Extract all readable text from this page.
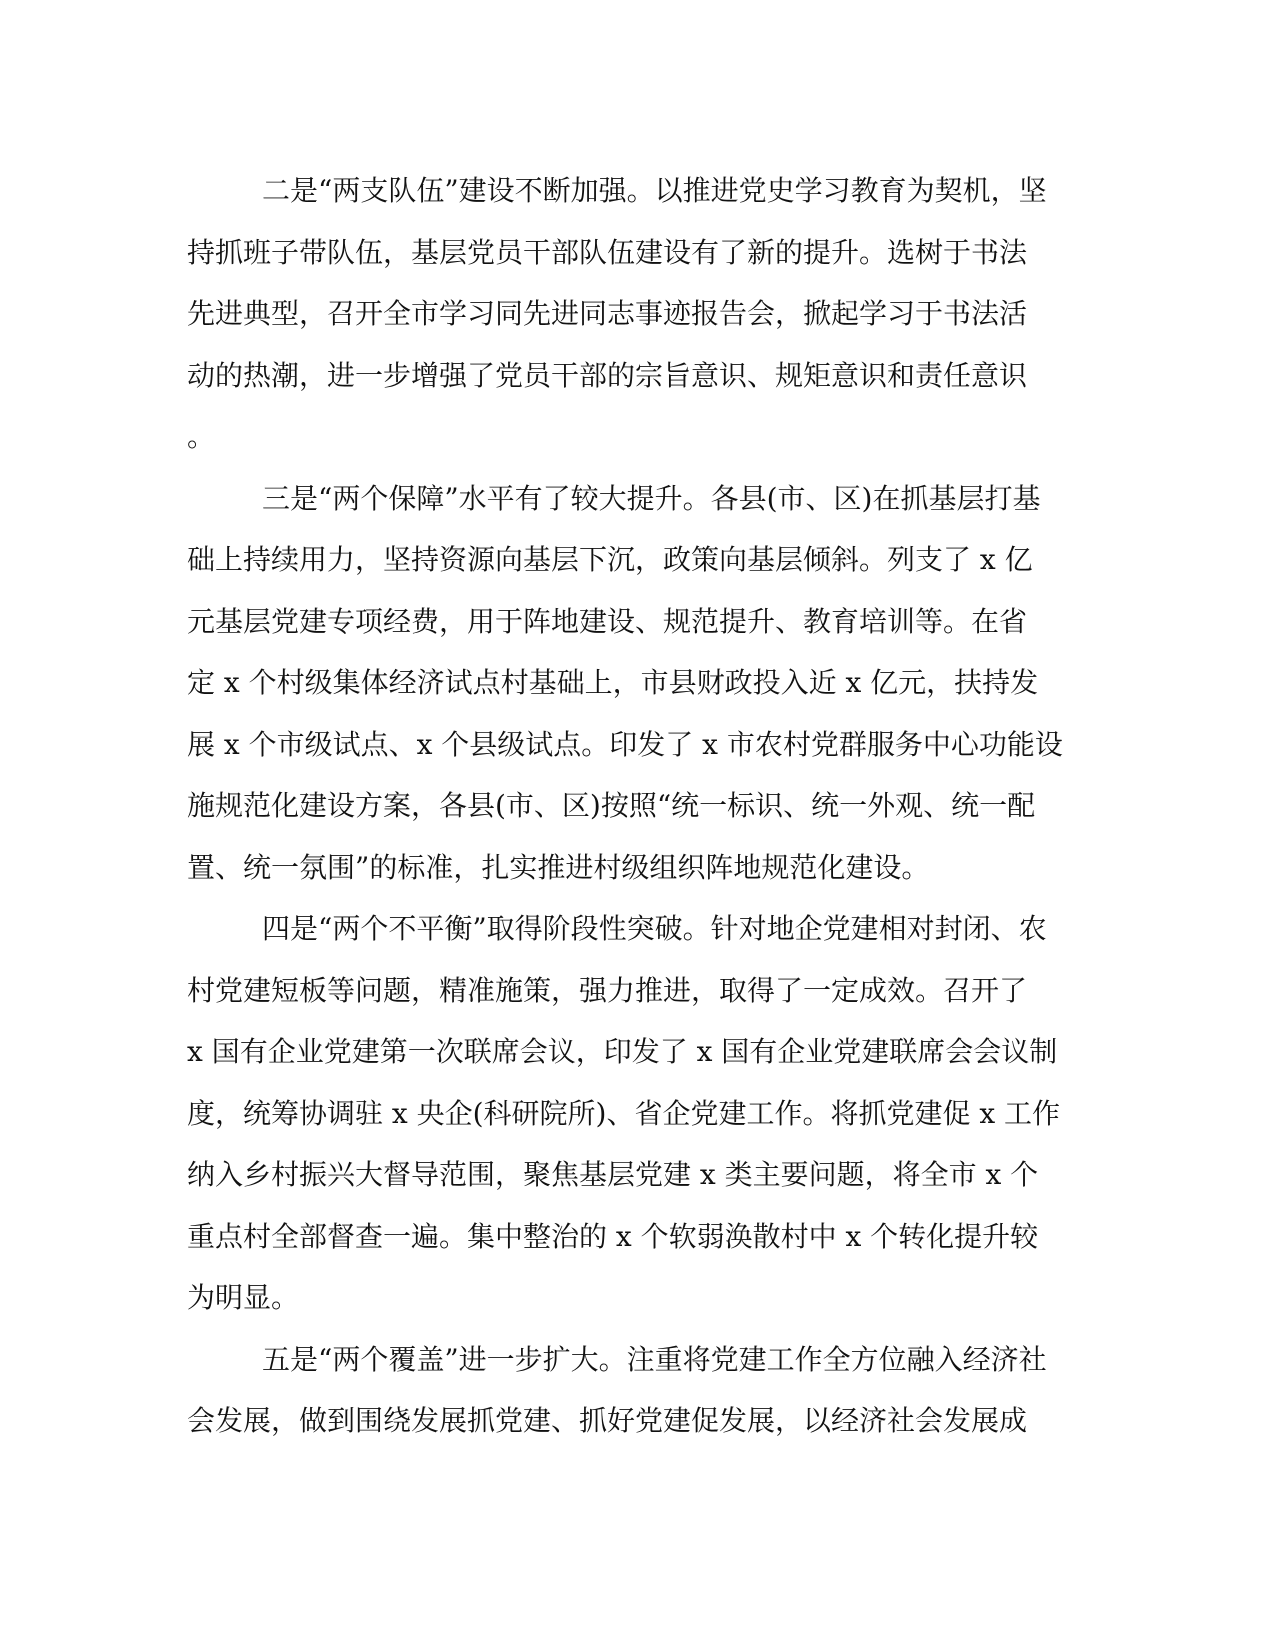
二是“两支队伍”建设不断加强。以推进党史学习教育为契机，坚
持抓班子带队伍，基层党员干部队伍建设有了新的提升。选树于书法
先进典型，召开全市学习同先进同志事迹报告会，掀起学习于书法活
动的热潮，进一步增强了党员干部的宗旨意识、规矩意识和责任意识
。
三是“两个保障”水平有了较大提升。各县(市、区)在抓基层打基
础上持续用力，坚持资源向基层下沉，政策向基层倾斜。列支了 x 亿
元基层党建专项经费，用于阵地建设、规范提升、教育培训等。在省
定 x 个村级集体经济试点村基础上，市县财政投入近 x 亿元，扶持发
展 x 个市级试点、x 个县级试点。印发了 x 市农村党群服务中心功能设
施规范化建设方案，各县(市、区)按照“统一标识、统一外观、统一配
置、统一氛围”的标准，扎实推进村级组织阵地规范化建设。
四是“两个不平衡”取得阶段性突破。针对地企党建相对封闭、农
村党建短板等问题，精准施策，强力推进，取得了一定成效。召开了
x 国有企业党建第一次联席会议，印发了 x 国有企业党建联席会会议制
度，统筹协调驻 x 央企(科研院所)、省企党建工作。将抓党建促 x 工作
纳入乡村振兴大督导范围，聚焦基层党建 x 类主要问题，将全市 x 个
重点村全部督查一遍。集中整治的 x 个软弱涣散村中 x 个转化提升较
为明显。
五是“两个覆盖”进一步扩大。注重将党建工作全方位融入经济社
会发展，做到围绕发展抓党建、抓好党建促发展，以经济社会发展成
